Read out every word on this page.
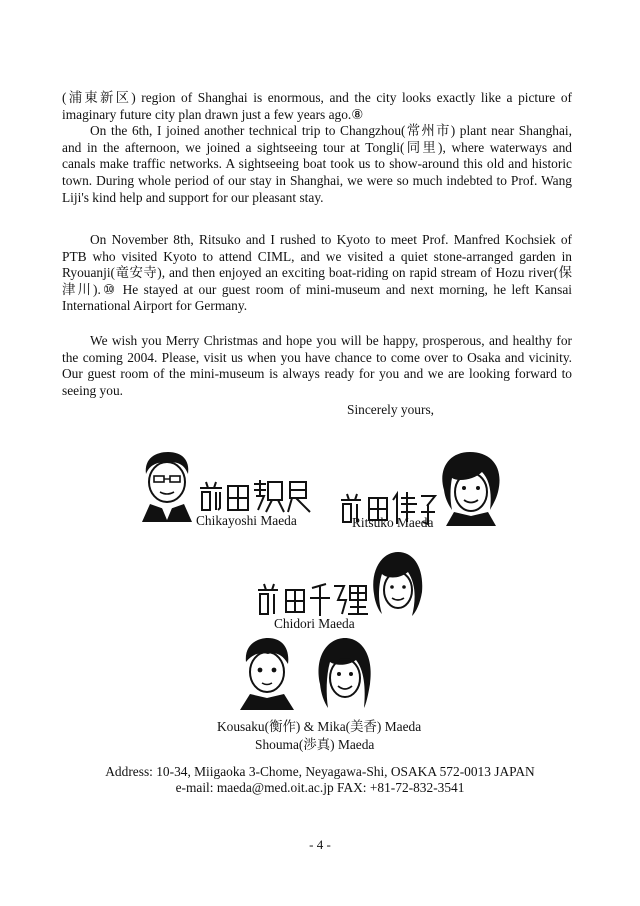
(浦東新区) region of Shanghai is enormous, and the city looks exactly like a picture of imaginary future city plan drawn just a few years ago.⑧

On the 6th, I joined another technical trip to Changzhou(常州市) plant near Shanghai, and in the afternoon, we joined a sightseeing tour at Tongli(同里), where waterways and canals make traffic networks. A sightseeing boat took us to show-around this old and historic town. During whole period of our stay in Shanghai, we were so much indebted to Prof. Wang Liji's kind help and support for our pleasant stay.

On November 8th, Ritsuko and I rushed to Kyoto to meet Prof. Manfred Kochsiek of PTB who visited Kyoto to attend CIML, and we visited a quiet stone-arranged garden in Ryouanji(竜安寺), and then enjoyed an exciting boat-riding on rapid stream of Hozu river(保津川).⑩ He stayed at our guest room of mini-museum and next morning, he left Kansai International Airport for Germany.
We wish you Merry Christmas and hope you will be happy, prosperous, and healthy for the coming 2004. Please, visit us when you have chance to come over to Osaka and vicinity. Our guest room of the mini-museum is always ready for you and we are looking forward to seeing you.
Sincerely yours,
Chikayoshi Maeda	Ritsuko Maeda
Chidori Maeda
Kousaku(衡作) & Mika(美香) Maeda
Shouma(渉真) Maeda
Address: 10-34, Miigaoka 3-Chome, Neyagawa-Shi, OSAKA 572-0013 JAPAN
e-mail: maeda@med.oit.ac.jp FAX: +81-72-832-3541
- 4 -
